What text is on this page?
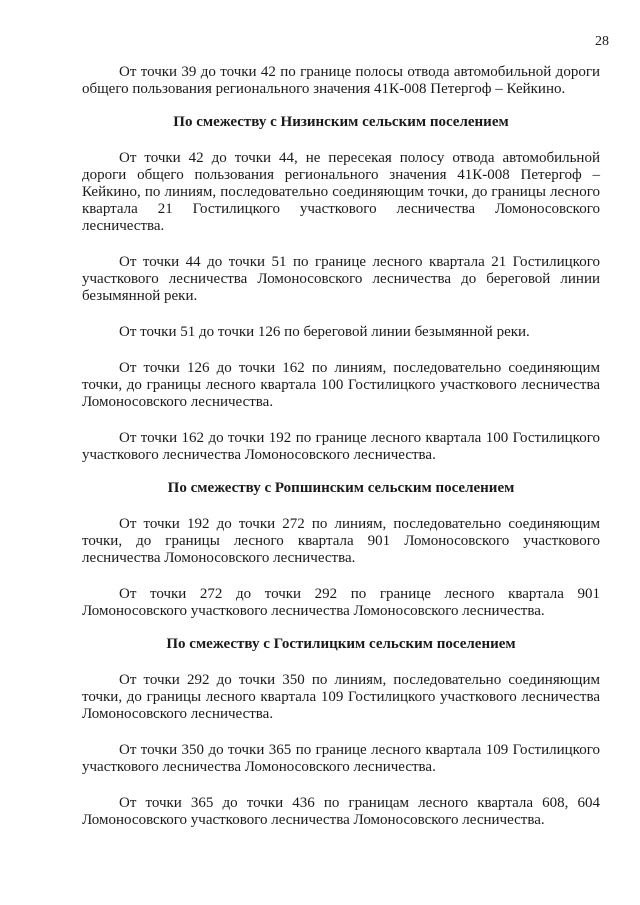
28

От точки 39 до точки 42 по границе полосы отвода автомобильной дороги общего пользования регионального значения 41К-008 Петергоф – Кейкино.

По смежеству с Низинским сельским поселением

От точки 42 до точки 44, не пересекая полосу отвода автомобильной дороги общего пользования регионального значения 41К-008 Петергоф – Кейкино, по линиям, последовательно соединяющим точки, до границы лесного квартала 21 Гостилицкого участкового лесничества Ломоносовского лесничества.

От точки 44 до точки 51 по границе лесного квартала 21 Гостилицкого участкового лесничества Ломоносовского лесничества до береговой линии безымянной реки.

От точки 51 до точки 126 по береговой линии безымянной реки.

От точки 126 до точки 162 по линиям, последовательно соединяющим точки, до границы лесного квартала 100 Гостилицкого участкового лесничества Ломоносовского лесничества.

От точки 162 до точки 192 по границе лесного квартала 100 Гостилицкого участкового лесничества Ломоносовского лесничества.

По смежеству с Ропшинским сельским поселением

От точки 192 до точки 272 по линиям, последовательно соединяющим точки, до границы лесного квартала 901 Ломоносовского участкового лесничества Ломоносовского лесничества.

От точки 272 до точки 292 по границе лесного квартала 901 Ломоносовского участкового лесничества Ломоносовского лесничества.

По смежеству с Гостилицким сельским поселением

От точки 292 до точки 350 по линиям, последовательно соединяющим точки, до границы лесного квартала 109 Гостилицкого участкового лесничества Ломоносовского лесничества.

От точки 350 до точки 365 по границе лесного квартала 109 Гостилицкого участкового лесничества Ломоносовского лесничества.

От точки 365 до точки 436 по границам лесного квартала 608, 604 Ломоносовского участкового лесничества Ломоносовского лесничества.
